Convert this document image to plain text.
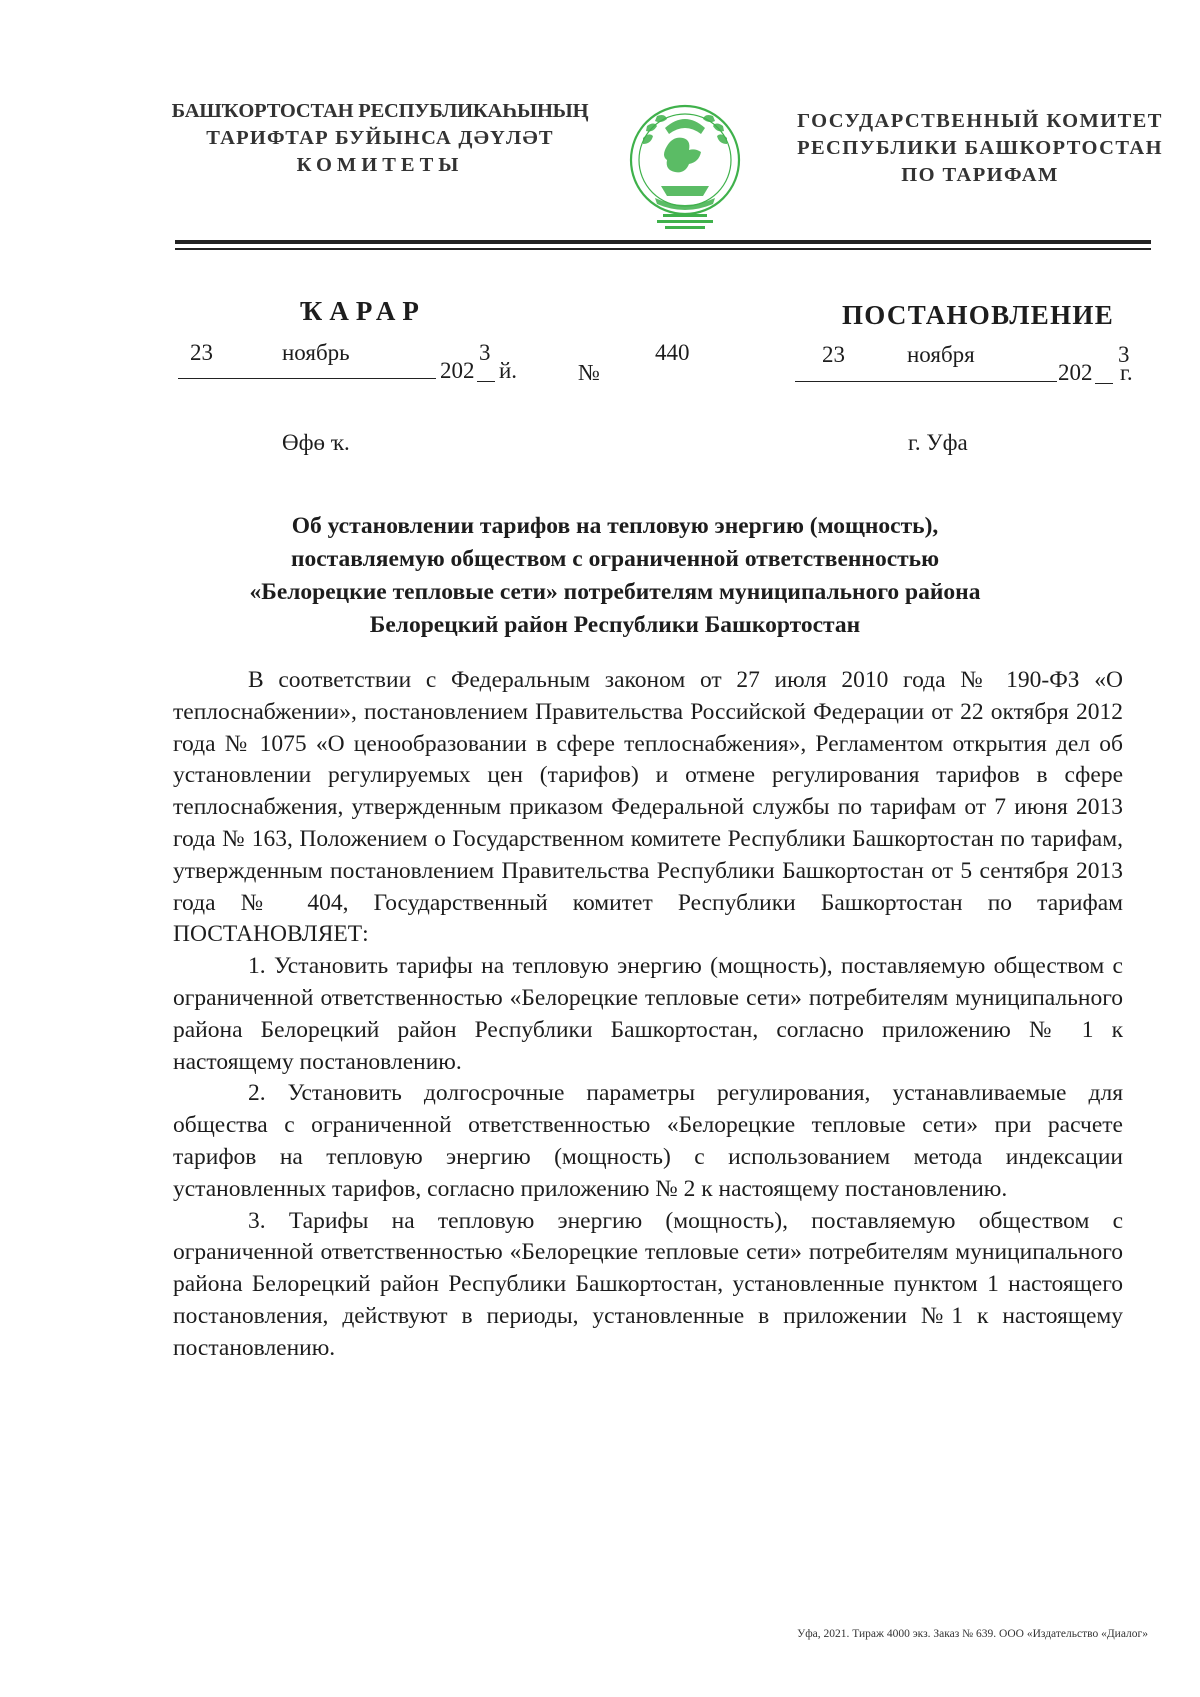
БАШҠОРТОСТАН РЕСПУБЛИКАҺЫНЫҢ
ТАРИФТАР БУЙЫНСА ДӘҮЛӘТ
КОМИТЕТЫ
ГОСУДАРСТВЕННЫЙ КОМИТЕТ
РЕСПУБЛИКИ БАШКОРТОСТАН
ПО ТАРИФАМ
ҠАРАР	ПОСТАНОВЛЕНИЕ
23	ноябрь
202
3
й.	№
440	23	ноября
202
3
г.
Өфө ҡ.	г. Уфа
Об установлении тарифов на тепловую энергию (мощность),
поставляемую обществом с ограниченной ответственностью
«Белорецкие тепловые сети» потребителям муниципального района
Белорецкий район Республики Башкортостан

В соответствии с Федеральным законом от 27 июля 2010 года № 190-ФЗ «О теплоснабжении», постановлением Правительства Российской Федерации от 22 октября 2012 года № 1075 «О ценообразовании в сфере теплоснабжения», Регламентом открытия дел об установлении регулируемых цен (тарифов) и отмене регулирования тарифов в сфере теплоснабжения, утвержденным приказом Федеральной службы по тарифам от 7 июня 2013 года № 163, Положением о Государственном комитете Республики Башкортостан по тарифам, утвержденным постановлением Правительства Республики Башкортостан от 5 сентября 2013 года № 404, Государственный комитет Республики Башкортостан по тарифам ПОСТАНОВЛЯЕТ:

1. Установить тарифы на тепловую энергию (мощность), поставляемую обществом с ограниченной ответственностью «Белорецкие тепловые сети» потребителям муниципального района Белорецкий район Республики Башкортостан, согласно приложению № 1 к настоящему постановлению.

2. Установить долгосрочные параметры регулирования, устанавливаемые для общества с ограниченной ответственностью «Белорецкие тепловые сети» при расчете тарифов на тепловую энергию (мощность) с использованием метода индексации установленных тарифов, согласно приложению № 2 к настоящему постановлению.

3. Тарифы на тепловую энергию (мощность), поставляемую обществом с ограниченной ответственностью «Белорецкие тепловые сети» потребителям муниципального района Белорецкий район Республики Башкортостан, установленные пунктом 1 настоящего постановления, действуют в периоды, установленные в приложении №1 к настоящему постановлению.

Уфа, 2021. Тираж 4000 экз. Заказ № 639. ООО «Издательство «Диалог»
